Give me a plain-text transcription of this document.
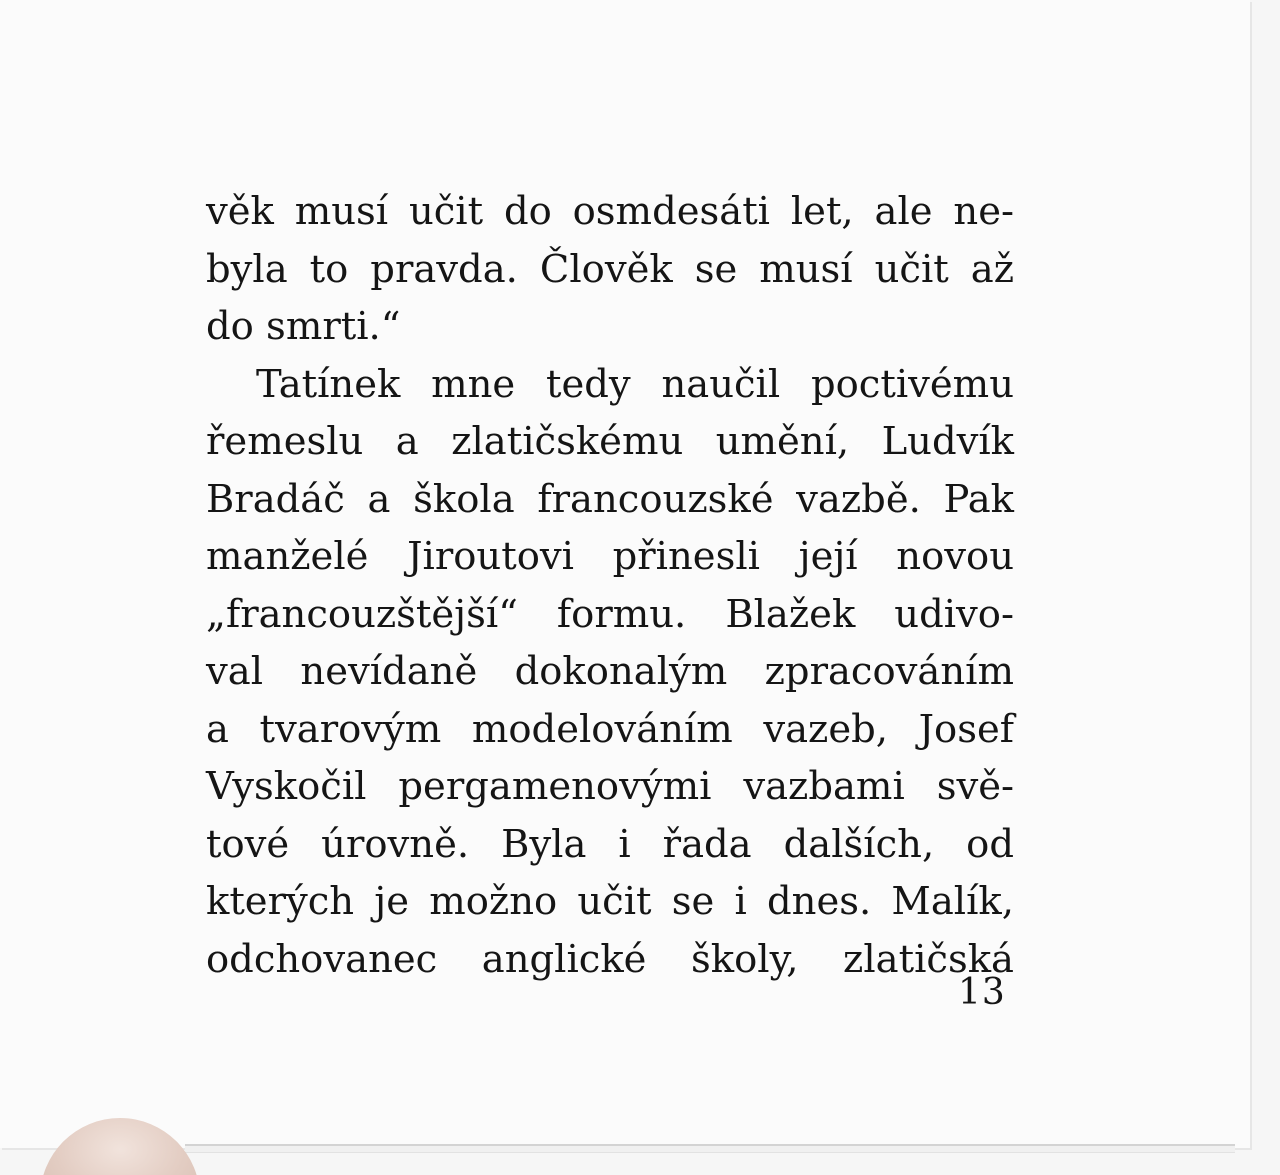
věk musí učit do osmdesáti let, ale ne-
byla to pravda. Člověk se musí učit až
do smrti.“
Tatínek mne tedy naučil poctivému
řemeslu a zlatičskému umění, Ludvík
Bradáč a škola francouzské vazbě. Pak
manželé Jiroutovi přinesli její novou
„francouzštější“ formu. Blažek udivo-
val nevídaně dokonalým zpracováním
a tvarovým modelováním vazeb, Josef
Vyskočil pergamenovými vazbami svě-
tové úrovně. Byla i řada dalších, od
kterých je možno učit se i dnes. Malík,
odchovanec anglické školy, zlatičská
13
